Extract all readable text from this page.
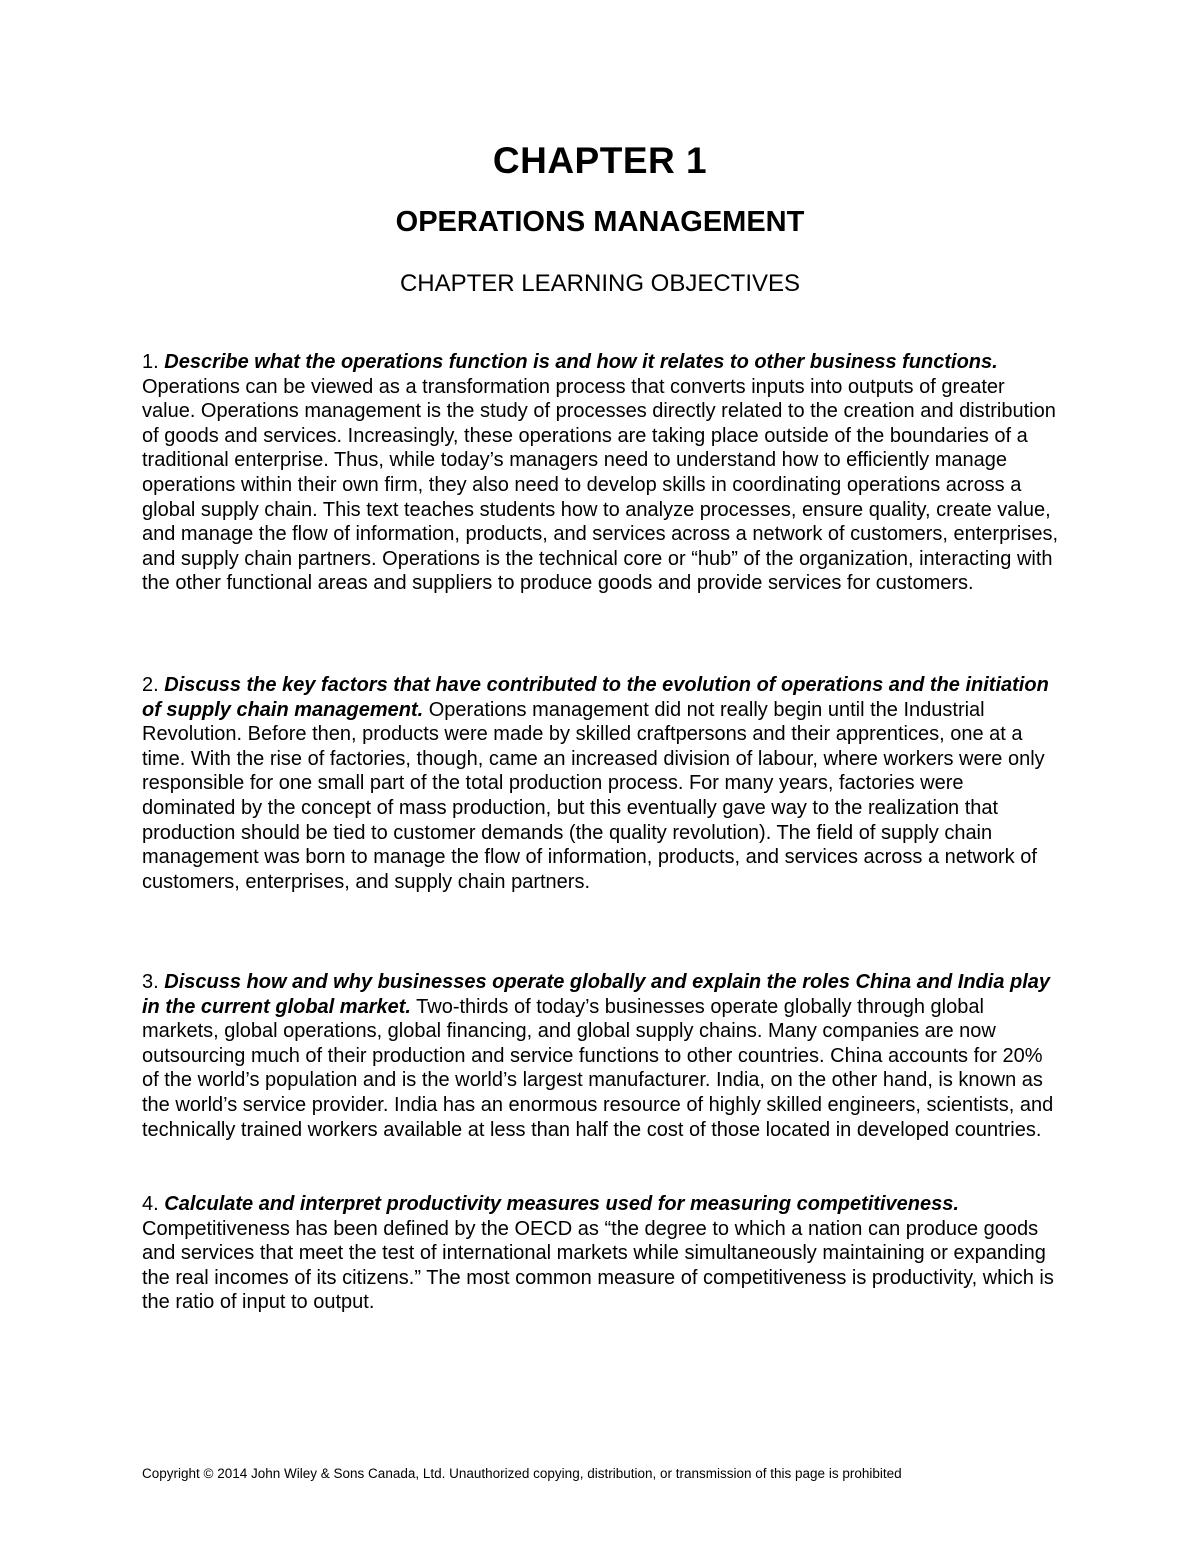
CHAPTER 1
OPERATIONS MANAGEMENT
CHAPTER LEARNING OBJECTIVES

1. Describe what the operations function is and how it relates to other business functions. Operations can be viewed as a transformation process that converts inputs into outputs of greater value. Operations management is the study of processes directly related to the creation and distribution of goods and services. Increasingly, these operations are taking place outside of the boundaries of a traditional enterprise. Thus, while today’s managers need to understand how to efficiently manage operations within their own firm, they also need to develop skills in coordinating operations across a global supply chain. This text teaches students how to analyze processes, ensure quality, create value, and manage the flow of information, products, and services across a network of customers, enterprises, and supply chain partners. Operations is the technical core or “hub” of the organization, interacting with the other functional areas and suppliers to produce goods and provide services for customers.

2. Discuss the key factors that have contributed to the evolution of operations and the initiation of supply chain management. Operations management did not really begin until the Industrial Revolution. Before then, products were made by skilled craftpersons and their apprentices, one at a time. With the rise of factories, though, came an increased division of labour, where workers were only responsible for one small part of the total production process. For many years, factories were dominated by the concept of mass production, but this eventually gave way to the realization that production should be tied to customer demands (the quality revolution). The field of supply chain management was born to manage the flow of information, products, and services across a network of customers, enterprises, and supply chain partners.

3. Discuss how and why businesses operate globally and explain the roles China and India play in the current global market. Two-thirds of today’s businesses operate globally through global markets, global operations, global financing, and global supply chains. Many companies are now outsourcing much of their production and service functions to other countries. China accounts for 20% of the world’s population and is the world’s largest manufacturer. India, on the other hand, is known as the world’s service provider. India has an enormous resource of highly skilled engineers, scientists, and technically trained workers available at less than half the cost of those located in developed countries.

4. Calculate and interpret productivity measures used for measuring competitiveness. Competitiveness has been defined by the OECD as “the degree to which a nation can produce goods and services that meet the test of international markets while simultaneously maintaining or expanding the real incomes of its citizens.” The most common measure of competitiveness is productivity, which is the ratio of input to output.

Copyright © 2014 John Wiley & Sons Canada, Ltd. Unauthorized copying, distribution, or transmission of this page is prohibited
